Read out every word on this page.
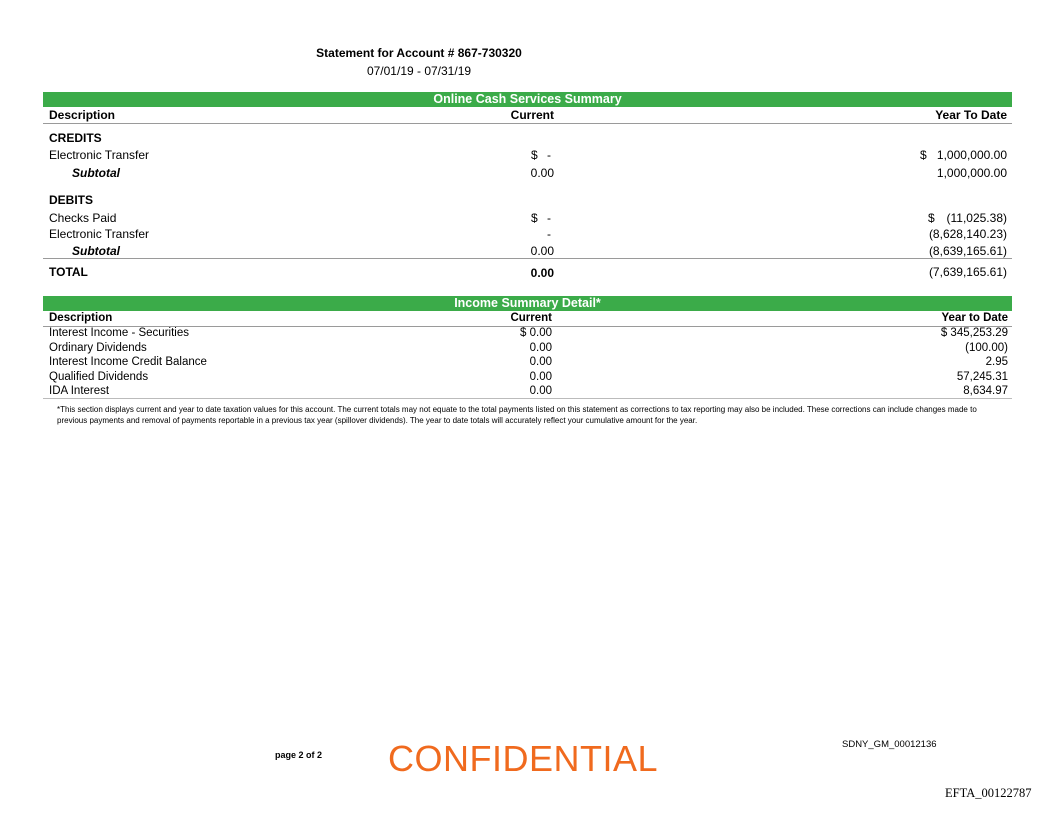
Statement for Account # 867-730320
07/01/19 - 07/31/19
Online Cash Services Summary
Description	Current	Year To Date
CREDITS
Electronic Transfer	$ -	$ 1,000,000.00
Subtotal	0.00	1,000,000.00
DEBITS
Checks Paid	$ -	$ (11,025.38)
Electronic Transfer	-	(8,628,140.23)
Subtotal	0.00	(8,639,165.61)
TOTAL	0.00	(7,639,165.61)
Income Summary Detail*
Description	Current	Year to Date
Interest Income - Securities	$ 0.00	$ 345,253.29
Ordinary Dividends	0.00	(100.00)
Interest Income Credit Balance	0.00	2.95
Qualified Dividends	0.00	57,245.31
IDA Interest	0.00	8,634.97
*This section displays current and year to date taxation values for this account. The current totals may not equate to the total payments listed on this statement as corrections to tax reporting may also be included. These corrections can include changes made to previous payments and removal of payments reportable in a previous tax year (spillover dividends). The year to date totals will accurately reflect your cumulative amount for the year.
page 2 of 2 CONFIDENTIAL	SDNY_GM_00012136
EFTA_00122787
